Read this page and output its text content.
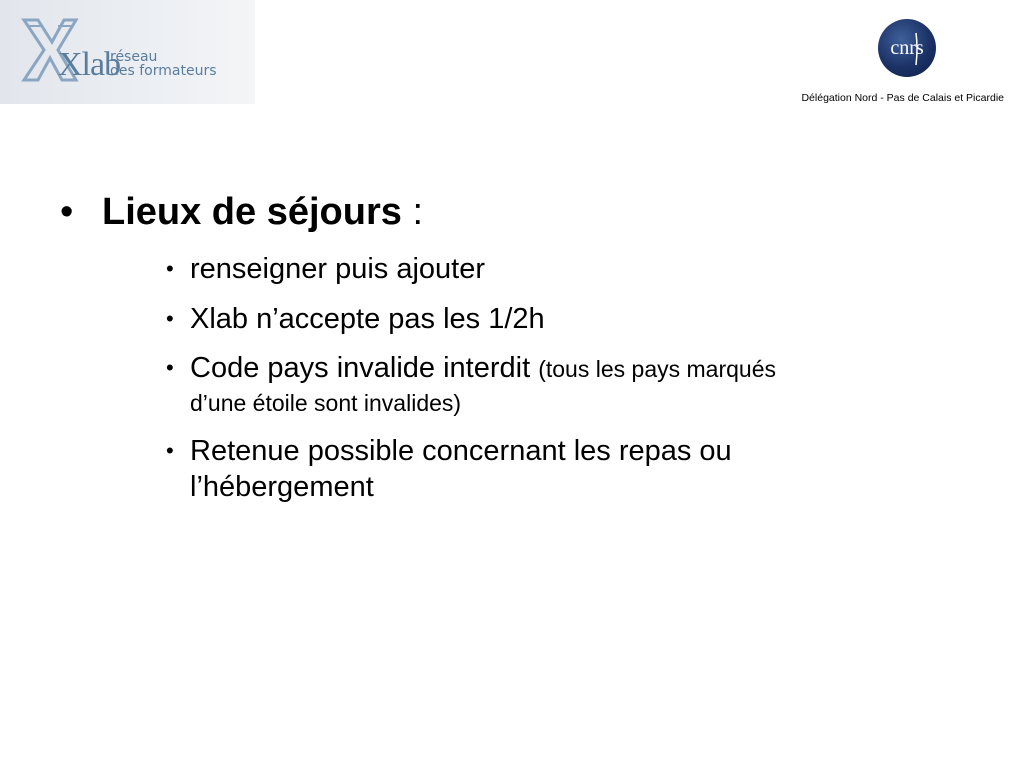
Xlab
réseau
des formateurs
cnrs
Délégation Nord - Pas de Calais et Picardie
• Lieux de séjours :
• renseigner puis ajouter
• Xlab n’accepte pas les 1/2h
• Code pays invalide interdit (tous les pays marqués
d’une étoile sont invalides)
• Retenue possible concernant les repas ou
l’hébergement
